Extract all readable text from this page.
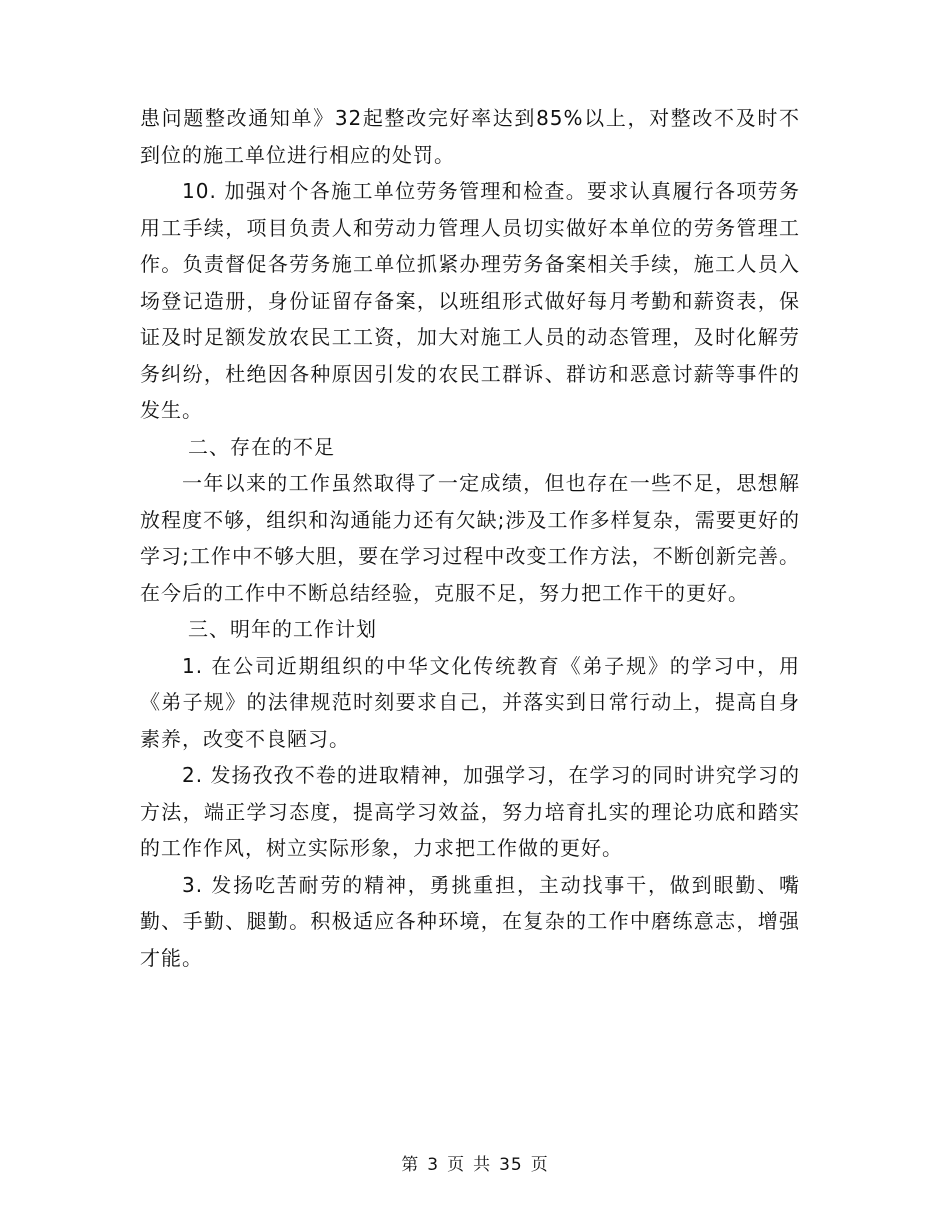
患问题整改通知单》32起整改完好率达到85%以上，对整改不及时不到位的施工单位进行相应的处罚。

10. 加强对个各施工单位劳务管理和检查。要求认真履行各项劳务用工手续，项目负责人和劳动力管理人员切实做好本单位的劳务管理工作。负责督促各劳务施工单位抓紧办理劳务备案相关手续，施工人员入场登记造册，身份证留存备案，以班组形式做好每月考勤和薪资表，保证及时足额发放农民工工资，加大对施工人员的动态管理，及时化解劳务纠纷，杜绝因各种原因引发的农民工群诉、群访和恶意讨薪等事件的发生。

二、存在的不足

一年以来的工作虽然取得了一定成绩，但也存在一些不足，思想解放程度不够，组织和沟通能力还有欠缺;涉及工作多样复杂，需要更好的学习;工作中不够大胆，要在学习过程中改变工作方法，不断创新完善。在今后的工作中不断总结经验，克服不足，努力把工作干的更好。

三、明年的工作计划

1. 在公司近期组织的中华文化传统教育《弟子规》的学习中，用《弟子规》的法律规范时刻要求自己，并落实到日常行动上，提高自身素养，改变不良陋习。

2. 发扬孜孜不卷的进取精神，加强学习，在学习的同时讲究学习的方法，端正学习态度，提高学习效益，努力培育扎实的理论功底和踏实的工作作风，树立实际形象，力求把工作做的更好。

3. 发扬吃苦耐劳的精神，勇挑重担，主动找事干，做到眼勤、嘴勤、手勤、腿勤。积极适应各种环境，在复杂的工作中磨练意志，增强才能。

第 3 页 共 35 页
